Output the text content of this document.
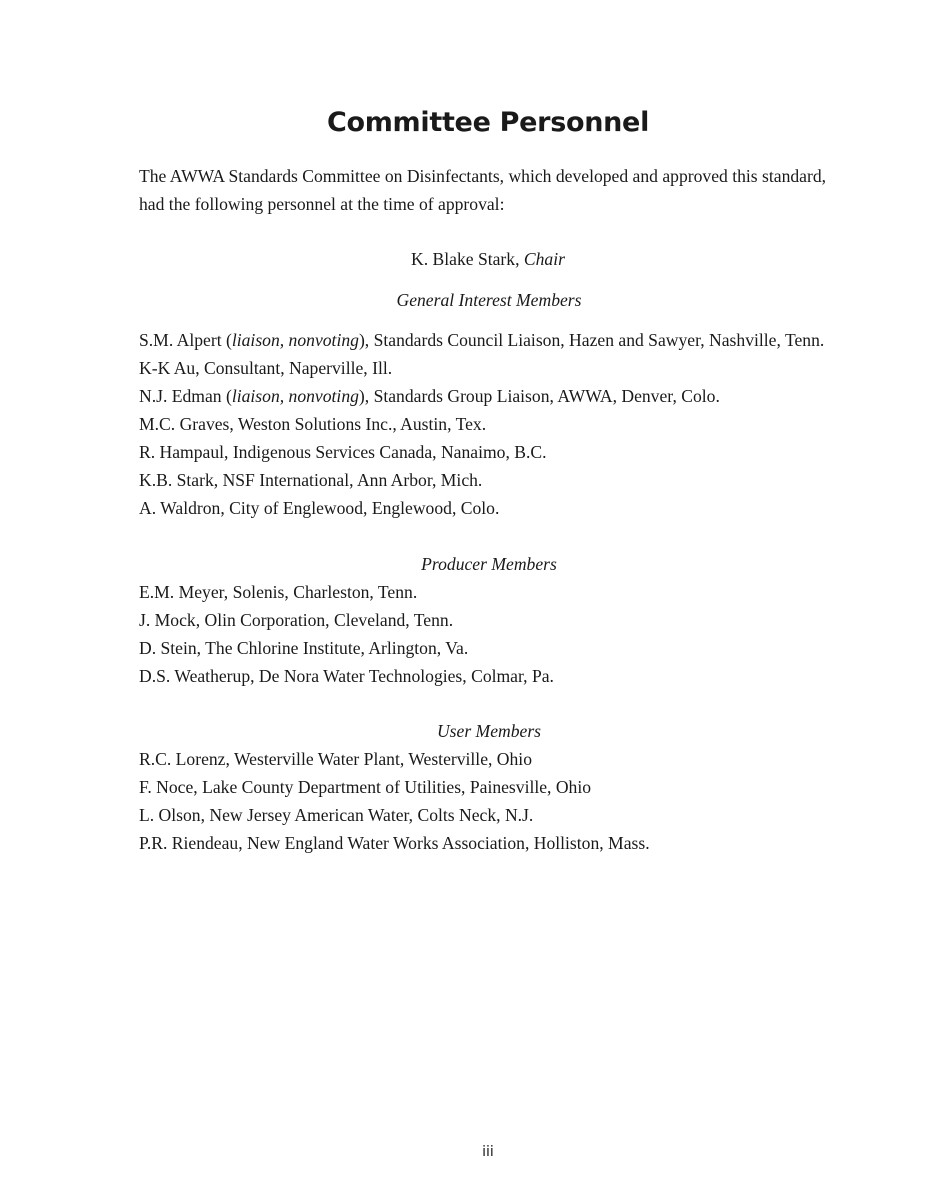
Committee Personnel

The AWWA Standards Committee on Disinfectants, which developed and approved this standard, had the following personnel at the time of approval:

K. Blake Stark, Chair
General Interest Members
S.M. Alpert (liaison, nonvoting), Standards Council Liaison, Hazen and Sawyer, Nashville, Tenn.
K-K Au, Consultant, Naperville, Ill.
N.J. Edman (liaison, nonvoting), Standards Group Liaison, AWWA, Denver, Colo.
M.C. Graves, Weston Solutions Inc., Austin, Tex.
R. Hampaul, Indigenous Services Canada, Nanaimo, B.C.
K.B. Stark, NSF International, Ann Arbor, Mich.
A. Waldron, City of Englewood, Englewood, Colo.
Producer Members
E.M. Meyer, Solenis, Charleston, Tenn.
J. Mock, Olin Corporation, Cleveland, Tenn.
D. Stein, The Chlorine Institute, Arlington, Va.
D.S. Weatherup, De Nora Water Technologies, Colmar, Pa.
User Members
R.C. Lorenz, Westerville Water Plant, Westerville, Ohio
F. Noce, Lake County Department of Utilities, Painesville, Ohio
L. Olson, New Jersey American Water, Colts Neck, N.J.
P.R. Riendeau, New England Water Works Association, Holliston, Mass.
iii
